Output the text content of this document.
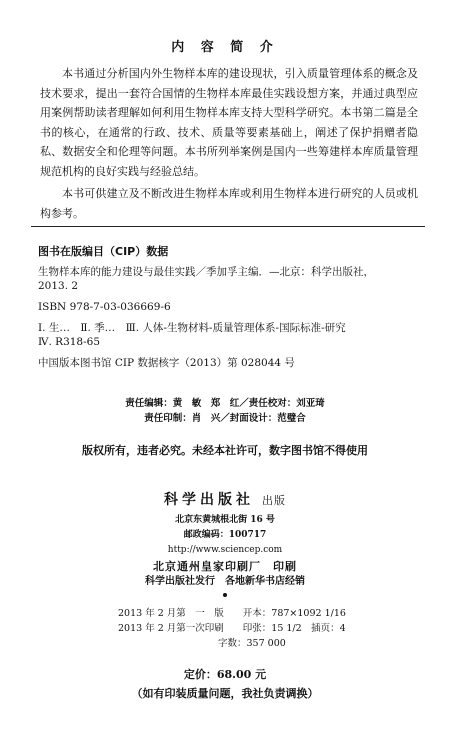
内 容 简 介

本书通过分析国内外生物样本库的建设现状，引入质量管理体系的概念及技术要求，提出一套符合国情的生物样本库最佳实践设想方案，并通过典型应用案例帮助读者理解如何利用生物样本库支持大型科学研究。本书第二篇是全书的核心，在通常的行政、技术、质量等要素基础上，阐述了保护捐赠者隐私、数据安全和伦理等问题。本书所列举案例是国内一些筹建样本库质量管理规范机构的良好实践与经验总结。

本书可供建立及不断改进生物样本库或利用生物样本进行研究的人员或机构参考。

图书在版编目（CIP）数据
生物样本库的能力建设与最佳实践／季加孚主编．—北京：科学出版社，
2013. 2
ISBN 978-7-03-036669-6
Ⅰ. 生…　Ⅱ. 季…　Ⅲ. 人体-生物材料-质量管理体系-国际标准-研究
Ⅳ. R318-65
中国版本图书馆 CIP 数据核字（2013）第 028044 号
责任编辑：黄　敏　郑　红／责任校对：刘亚琦
责任印制：肖　兴／封面设计：范璧合
版权所有，违者必究。未经本社许可，数字图书馆不得使用
科学出版社 出版
北京东黄城根北街 16 号
邮政编码：100717
http://www.sciencep.com
北京通州皇家印刷厂　印刷
科学出版社发行　各地新华书店经销
2013 年 2 月第　一　版　　开本：787×1092 1/16
2013 年 2 月第一次印刷　　印张：15 1/2　插页：4
字数：357 000
定价：68.00 元
（如有印装质量问题，我社负责调换）
